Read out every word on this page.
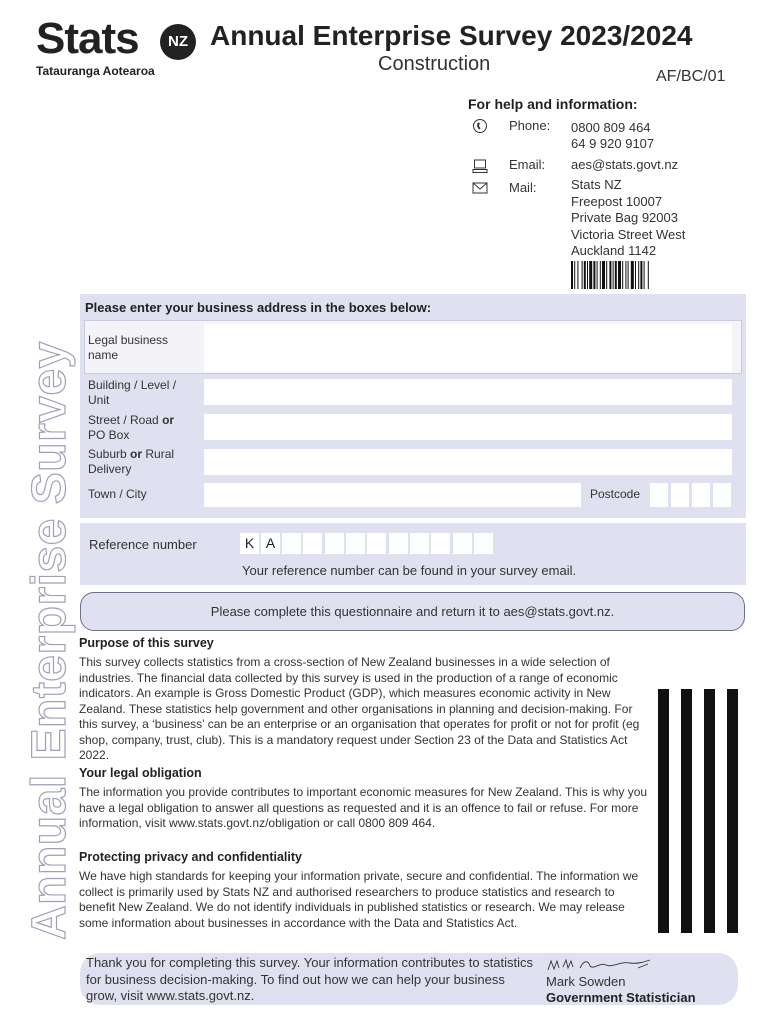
Stats	NZ
Tatauranga Aotearoa
Annual Enterprise Survey 2023/2024
Construction
AF/BC/01
For help and information:
Phone: 0800 809 464
64 9 920 9107
Email: aes@stats.govt.nz
Mail:	Stats NZ
Freepost 10007
Private Bag 92003
Victoria Street West
Auckland 1142
Please enter your business address in the boxes below:
Legal business
name
Building / Level /
Unit
Street / Road or
PO Box
Suburb or Rural
Delivery
Town / City	Postcode
Reference number	K A
Your reference number can be found in your survey email.
Please complete this questionnaire and return it to aes@stats.govt.nz.
Purpose of this survey
This survey collects statistics from a cross-section of New Zealand businesses in a wide selection of industries. The financial data collected by this survey is used in the production of a range of economic indicators. An example is Gross Domestic Product (GDP), which measures economic activity in New Zealand. These statistics help government and other organisations in planning and decision-making. For this survey, a ‘business’ can be an enterprise or an organisation that operates for profit or not for profit (eg shop, company, trust, club). This is a mandatory request under Section 23 of the Data and Statistics Act 2022.
Your legal obligation
The information you provide contributes to important economic measures for New Zealand. This is why you have a legal obligation to answer all questions as requested and it is an offence to fail or refuse. For more information, visit www.stats.govt.nz/obligation or call 0800 809 464.
Protecting privacy and confidentiality
We have high standards for keeping your information private, secure and confidential. The information we collect is primarily used by Stats NZ and authorised researchers to produce statistics and research to benefit New Zealand. We do not identify individuals in published statistics or research. We may release some information about businesses in accordance with the Data and Statistics Act.
Annual Enterprise Survey
Thank you for completing this survey. Your information contributes to statistics for business decision-making. To find out how we can help your business grow, visit www.stats.govt.nz.
Mark Sowden
Government Statistician
